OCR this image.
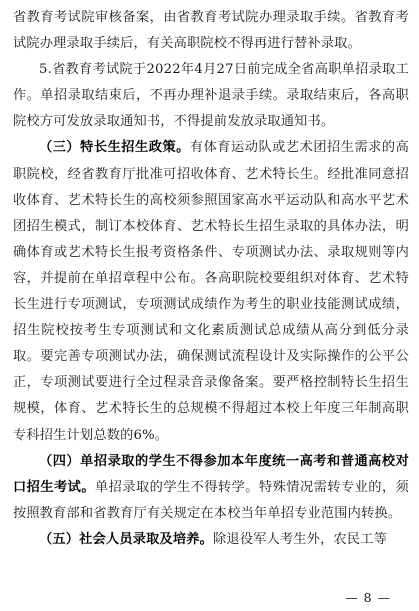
省教育考试院审核备案，由省教育考试院办理录取手续。省教育考试院办理录取手续后，有关高职院校不得再进行替补录取。

5.省教育考试院于2022年4月27日前完成全省高职单招录取工作。单招录取结束后，不再办理补退录手续。录取结束后，各高职院校方可发放录取通知书，不得提前发放录取通知书。

（三）特长生招生政策。有体育运动队或艺术团招生需求的高职院校，经省教育厅批准可招收体育、艺术特长生。经批准同意招收体育、艺术特长生的高校须参照国家高水平运动队和高水平艺术团招生模式，制订本校体育、艺术特长生招生录取的具体办法，明确体育或艺术特长生报考资格条件、专项测试办法、录取规则等内容，并提前在单招章程中公布。各高职院校要组织对体育、艺术特长生进行专项测试，专项测试成绩作为考生的职业技能测试成绩，招生院校按考生专项测试和文化素质测试总成绩从高分到低分录取。要完善专项测试办法，确保测试流程设计及实际操作的公平公正，专项测试要进行全过程录音录像备案。要严格控制特长生招生规模，体育、艺术特长生的总规模不得超过本校上年度三年制高职专科招生计划总数的6%。

（四）单招录取的学生不得参加本年度统一高考和普通高校对口招生考试。单招录取的学生不得转学。特殊情况需转专业的，须按照教育部和省教育厅有关规定在本校当年单招专业范围内转换。

（五）社会人员录取及培养。除退役军人考生外，农民工等

— 8 —
